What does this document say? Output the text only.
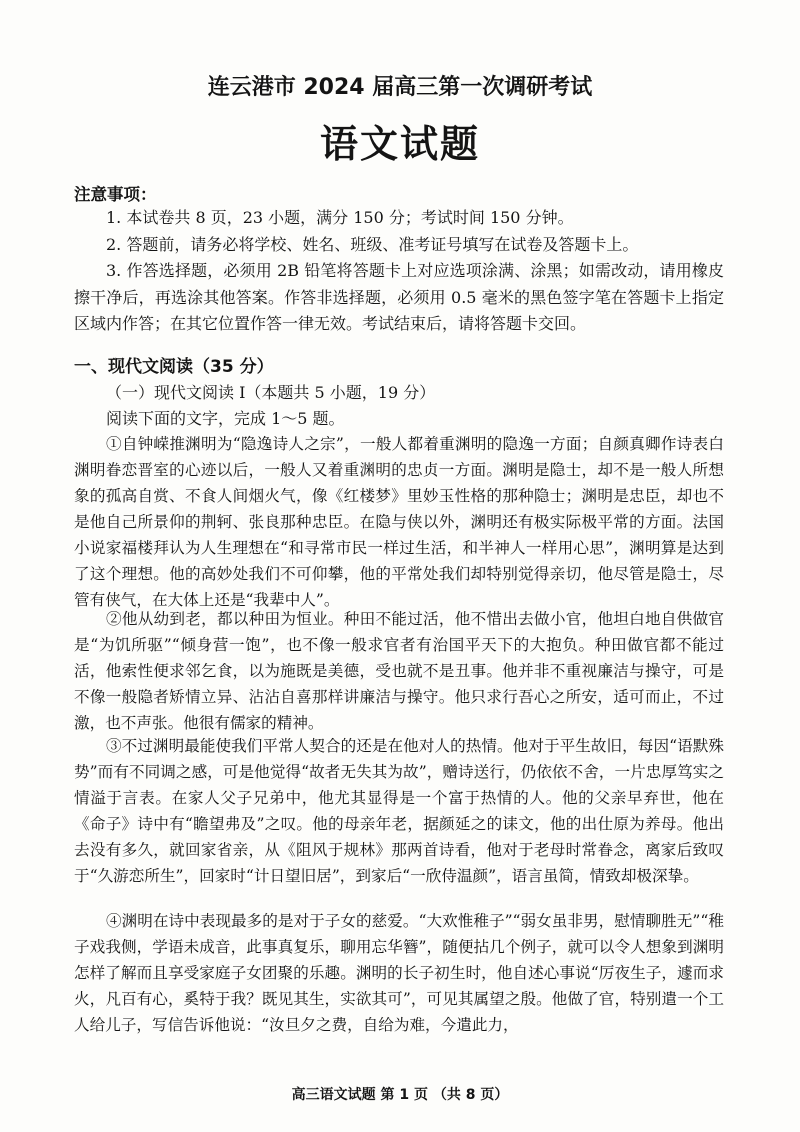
连云港市 2024 届高三第一次调研考试
语文试题
注意事项：

1. 本试卷共 8 页，23 小题，满分 150 分；考试时间 150 分钟。

2. 答题前，请务必将学校、姓名、班级、准考证号填写在试卷及答题卡上。

3. 作答选择题，必须用 2B 铅笔将答题卡上对应选项涂满、涂黑；如需改动，请用橡皮擦干净后，再选涂其他答案。作答非选择题，必须用 0.5 毫米的黑色签字笔在答题卡上指定区域内作答；在其它位置作答一律无效。考试结束后，请将答题卡交回。

一、现代文阅读（35 分）
（一）现代文阅读 I（本题共 5 小题，19 分）
阅读下面的文字，完成 1～5 题。

①自钟嵘推渊明为“隐逸诗人之宗”，一般人都着重渊明的隐逸一方面；自颜真卿作诗表白渊明眷恋晋室的心迹以后，一般人又着重渊明的忠贞一方面。渊明是隐士，却不是一般人所想象的孤高自赏、不食人间烟火气，像《红楼梦》里妙玉性格的那种隐士；渊明是忠臣，却也不是他自己所景仰的荆轲、张良那种忠臣。在隐与侠以外，渊明还有极实际极平常的方面。法国小说家福楼拜认为人生理想在“和寻常市民一样过生活，和半神人一样用心思”，渊明算是达到了这个理想。他的高妙处我们不可仰攀，他的平常处我们却特别觉得亲切，他尽管是隐士，尽管有侠气，在大体上还是“我辈中人”。

②他从幼到老，都以种田为恒业。种田不能过活，他不惜出去做小官，他坦白地自供做官是“为饥所驱”“倾身营一饱”，也不像一般求官者有治国平天下的大抱负。种田做官都不能过活，他索性便求邻乞食，以为施既是美德，受也就不是丑事。他并非不重视廉洁与操守，可是不像一般隐者矫情立异、沾沾自喜那样讲廉洁与操守。他只求行吾心之所安，适可而止，不过激，也不声张。他很有儒家的精神。

③不过渊明最能使我们平常人契合的还是在他对人的热情。他对于平生故旧，每因“语默殊势”而有不同调之感，可是他觉得“故者无失其为故”，赠诗送行，仍依依不舍，一片忠厚笃实之情溢于言表。在家人父子兄弟中，他尤其显得是一个富于热情的人。他的父亲早弃世，他在《命子》诗中有“瞻望弗及”之叹。他的母亲年老，据颜延之的诔文，他的出仕原为养母。他出去没有多久，就回家省亲，从《阻风于规林》那两首诗看，他对于老母时常眷念，离家后致叹于“久游恋所生”，回家时“计日望旧居”，到家后“一欣侍温颜”，语言虽简，情致却极深挚。

④渊明在诗中表现最多的是对于子女的慈爱。“大欢惟稚子”“弱女虽非男，慰情聊胜无”“稚子戏我侧，学语未成音，此事真复乐，聊用忘华簪”，随便拈几个例子，就可以令人想象到渊明怎样了解而且享受家庭子女团聚的乐趣。渊明的长子初生时，他自述心事说“厉夜生子，遽而求火，凡百有心，奚特于我？既见其生，实欲其可”，可见其属望之殷。他做了官，特别遣一个工人给儿子，写信告诉他说：“汝旦夕之费，自给为难，今遣此力，

高三语文试题 第 1 页 （共 8 页）
